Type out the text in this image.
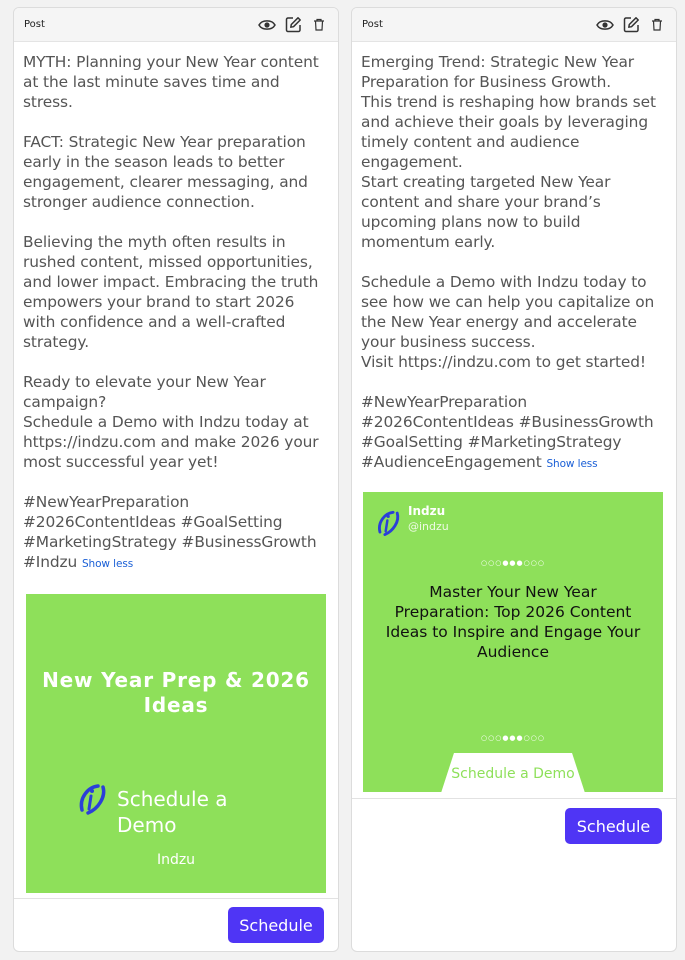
Post
MYTH: Planning your New Year content at the last minute saves time and stress.

FACT: Strategic New Year preparation early in the season leads to better engagement, clearer messaging, and stronger audience connection.

Believing the myth often results in rushed content, missed opportunities, and lower impact. Embracing the truth empowers your brand to start 2026 with confidence and a well-crafted strategy.

Ready to elevate your New Year campaign?
Schedule a Demo with Indzu today at https://indzu.com and make 2026 your most successful year yet!

#NewYearPreparation #2026ContentIdeas #GoalSetting #MarketingStrategy #BusinessGrowth #Indzu Show less
New Year Prep & 2026 Ideas
Schedule a Demo
Indzu
Schedule
Post
Emerging Trend: Strategic New Year Preparation for Business Growth.
This trend is reshaping how brands set and achieve their goals by leveraging timely content and audience engagement.
Start creating targeted New Year content and share your brand’s upcoming plans now to build momentum early.

Schedule a Demo with Indzu today to see how we can help you capitalize on the New Year energy and accelerate your business success.
Visit https://indzu.com to get started!

#NewYearPreparation #2026ContentIdeas #BusinessGrowth #GoalSetting #MarketingStrategy #AudienceEngagement Show less
Indzu
@indzu
○○○●●●○○○
Master Your New Year Preparation: Top 2026 Content Ideas to Inspire and Engage Your Audience
○○○●●●○○○
Schedule a Demo
Schedule
